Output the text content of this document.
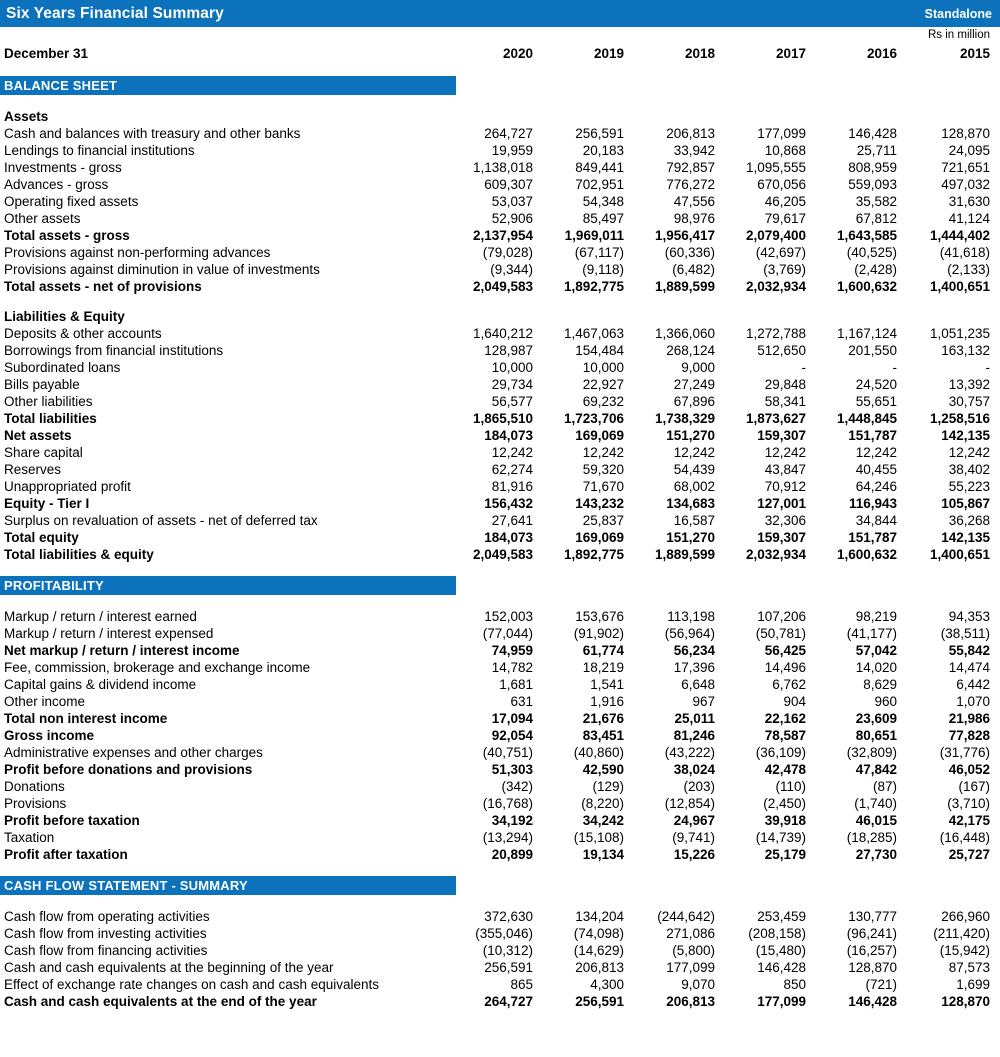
Six Years Financial Summary	Standalone
	Rs in million					
December 31	2020	2019	2018	2017	2016	2015

BALANCE SHEET						

Assets						
Cash and balances with treasury and other banks	264,727	256,591	206,813	177,099	146,428	128,870
Lendings to financial institutions	19,959	20,183	33,942	10,868	25,711	24,095
Investments - gross	1,138,018	849,441	792,857	1,095,555	808,959	721,651
Advances - gross	609,307	702,951	776,272	670,056	559,093	497,032
Operating fixed assets	53,037	54,348	47,556	46,205	35,582	31,630
Other assets	52,906	85,497	98,976	79,617	67,812	41,124
Total assets - gross	2,137,954	1,969,011	1,956,417	2,079,400	1,643,585	1,444,402
Provisions against non-performing advances	(79,028)	(67,117)	(60,336)	(42,697)	(40,525)	(41,618)
Provisions against diminution in value of investments	(9,344)	(9,118)	(6,482)	(3,769)	(2,428)	(2,133)
Total assets - net of provisions	2,049,583	1,892,775	1,889,599	2,032,934	1,600,632	1,400,651

Liabilities & Equity						
Deposits & other accounts	1,640,212	1,467,063	1,366,060	1,272,788	1,167,124	1,051,235
Borrowings from financial institutions	128,987	154,484	268,124	512,650	201,550	163,132
Subordinated loans	10,000	10,000	9,000	-	-	-
Bills payable	29,734	22,927	27,249	29,848	24,520	13,392
Other liabilities	56,577	69,232	67,896	58,341	55,651	30,757
Total liabilities	1,865,510	1,723,706	1,738,329	1,873,627	1,448,845	1,258,516
Net assets	184,073	169,069	151,270	159,307	151,787	142,135
Share capital	12,242	12,242	12,242	12,242	12,242	12,242
Reserves	62,274	59,320	54,439	43,847	40,455	38,402
Unappropriated profit	81,916	71,670	68,002	70,912	64,246	55,223
Equity - Tier I	156,432	143,232	134,683	127,001	116,943	105,867
Surplus on revaluation of assets - net of deferred tax	27,641	25,837	16,587	32,306	34,844	36,268
Total equity	184,073	169,069	151,270	159,307	151,787	142,135
Total liabilities & equity	2,049,583	1,892,775	1,889,599	2,032,934	1,600,632	1,400,651

PROFITABILITY						

Markup / return / interest earned	152,003	153,676	113,198	107,206	98,219	94,353
Markup / return / interest expensed	(77,044)	(91,902)	(56,964)	(50,781)	(41,177)	(38,511)
Net markup / return / interest income	74,959	61,774	56,234	56,425	57,042	55,842
Fee, commission, brokerage and exchange income	14,782	18,219	17,396	14,496	14,020	14,474
Capital gains & dividend income	1,681	1,541	6,648	6,762	8,629	6,442
Other income	631	1,916	967	904	960	1,070
Total non interest income	17,094	21,676	25,011	22,162	23,609	21,986
Gross income	92,054	83,451	81,246	78,587	80,651	77,828
Administrative expenses and other charges	(40,751)	(40,860)	(43,222)	(36,109)	(32,809)	(31,776)
Profit before donations and provisions	51,303	42,590	38,024	42,478	47,842	46,052
Donations	(342)	(129)	(203)	(110)	(87)	(167)
Provisions	(16,768)	(8,220)	(12,854)	(2,450)	(1,740)	(3,710)
Profit before taxation	34,192	34,242	24,967	39,918	46,015	42,175
Taxation	(13,294)	(15,108)	(9,741)	(14,739)	(18,285)	(16,448)
Profit after taxation	20,899	19,134	15,226	25,179	27,730	25,727

CASH FLOW STATEMENT - SUMMARY						

Cash flow from operating activities	372,630	134,204	(244,642)	253,459	130,777	266,960
Cash flow from investing activities	(355,046)	(74,098)	271,086	(208,158)	(96,241)	(211,420)
Cash flow from financing activities	(10,312)	(14,629)	(5,800)	(15,480)	(16,257)	(15,942)
Cash and cash equivalents at the beginning of the year	256,591	206,813	177,099	146,428	128,870	87,573
Effect of exchange rate changes on cash and cash equivalents	865	4,300	9,070	850	(721)	1,699
Cash and cash equivalents at the end of the year	264,727	256,591	206,813	177,099	146,428	128,870
